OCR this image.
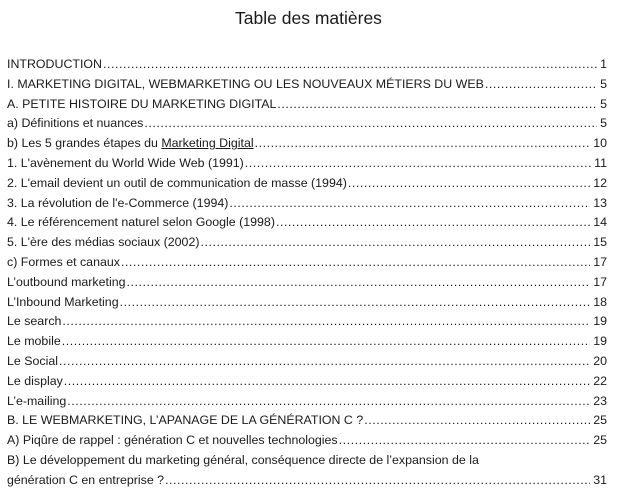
Table des matières
INTRODUCTION .....	1
I. MARKETING DIGITAL, WEBMARKETING OU LES NOUVEAUX MÉTIERS DU WEB .....	5
A. PETITE HISTOIRE DU MARKETING DIGITAL .....	5
a) Définitions et nuances .....	5
b) Les 5 grandes étapes du Marketing Digital .....	10
1. L'avènement du World Wide Web (1991) .....	11
2. L'email devient un outil de communication de masse (1994) .....	12
3. La révolution de l'e-Commerce (1994) .....	13
4. Le référencement naturel selon Google (1998) .....	14
5. L'ère des médias sociaux (2002) .....	15
c) Formes et canaux .....	17
L’outbound marketing .....	17
L’Inbound Marketing .....	18
Le search .....	19
Le mobile .....	19
Le Social .....	20
Le display .....	22
L’e-mailing .....	23
B. LE WEBMARKETING, L’APANAGE DE LA GÉNÉRATION C ? .....	25
A) Piqûre de rappel : génération C et nouvelles technologies .....	25
B) Le développement du marketing général, conséquence directe de l’expansion de la
génération C en entreprise ? .....	31
